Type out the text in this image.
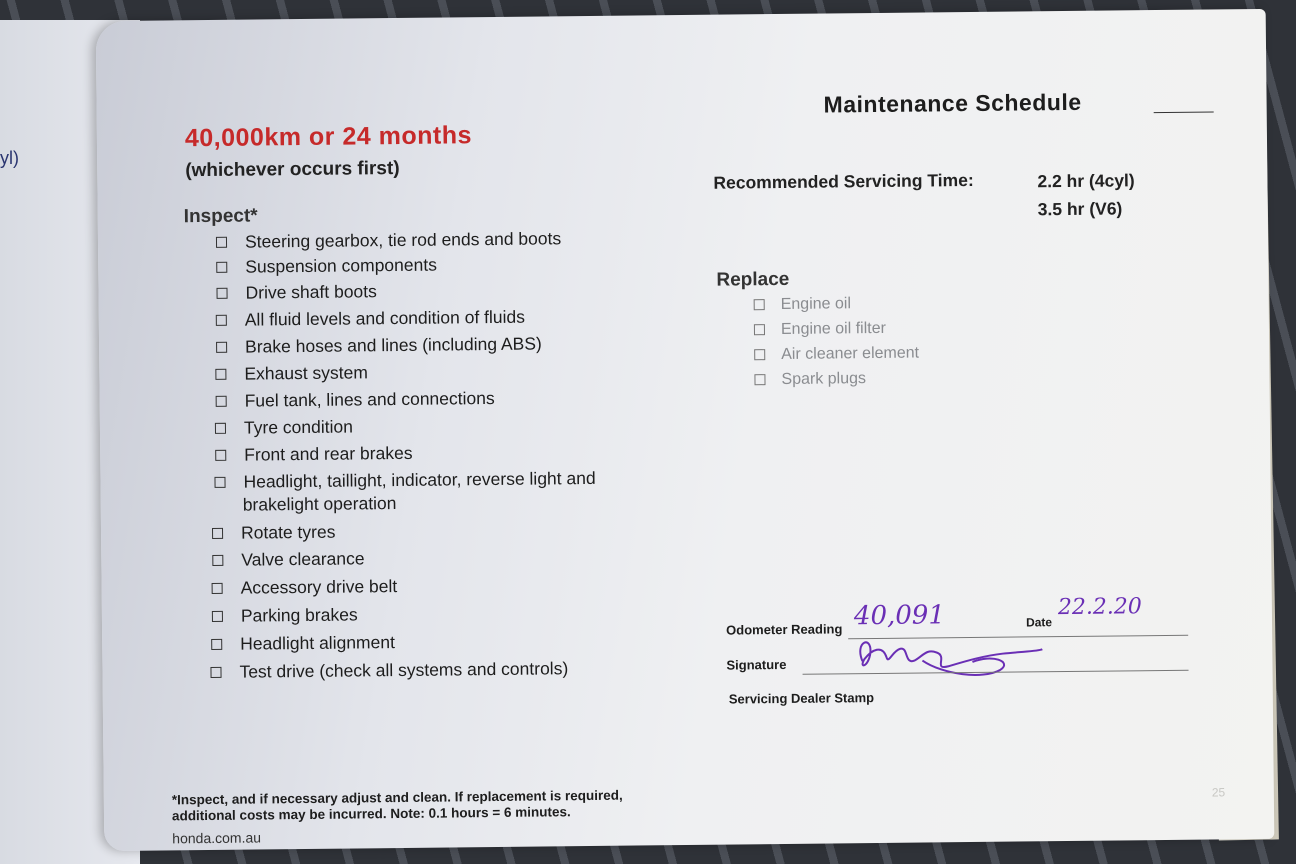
yl)
Maintenance Schedule
40,000km or 24 months
(whichever occurs first)
Inspect*
Steering gearbox, tie rod ends and boots
Suspension components
Drive shaft boots
All fluid levels and condition of fluids
Brake hoses and lines (including ABS)
Exhaust system
Fuel tank, lines and connections
Tyre condition
Front and rear brakes
Headlight, taillight, indicator, reverse light and
Rotate tyres
Valve clearance
Accessory drive belt
Parking brakes
Headlight alignment
Test drive (check all systems and controls)
brakelight operation
Recommended Servicing Time:	2.2 hr (4cyl)
3.5 hr (V6)
Replace
Engine oil
Engine oil filter
Air cleaner element
Spark plugs
Odometer Reading 40,091	Date
22.2.20
Signature
Servicing Dealer Stamp
*Inspect, and if necessary adjust and clean. If replacement is required,
additional costs may be incurred. Note: 0.1 hours = 6 minutes.
honda.com.au
25
